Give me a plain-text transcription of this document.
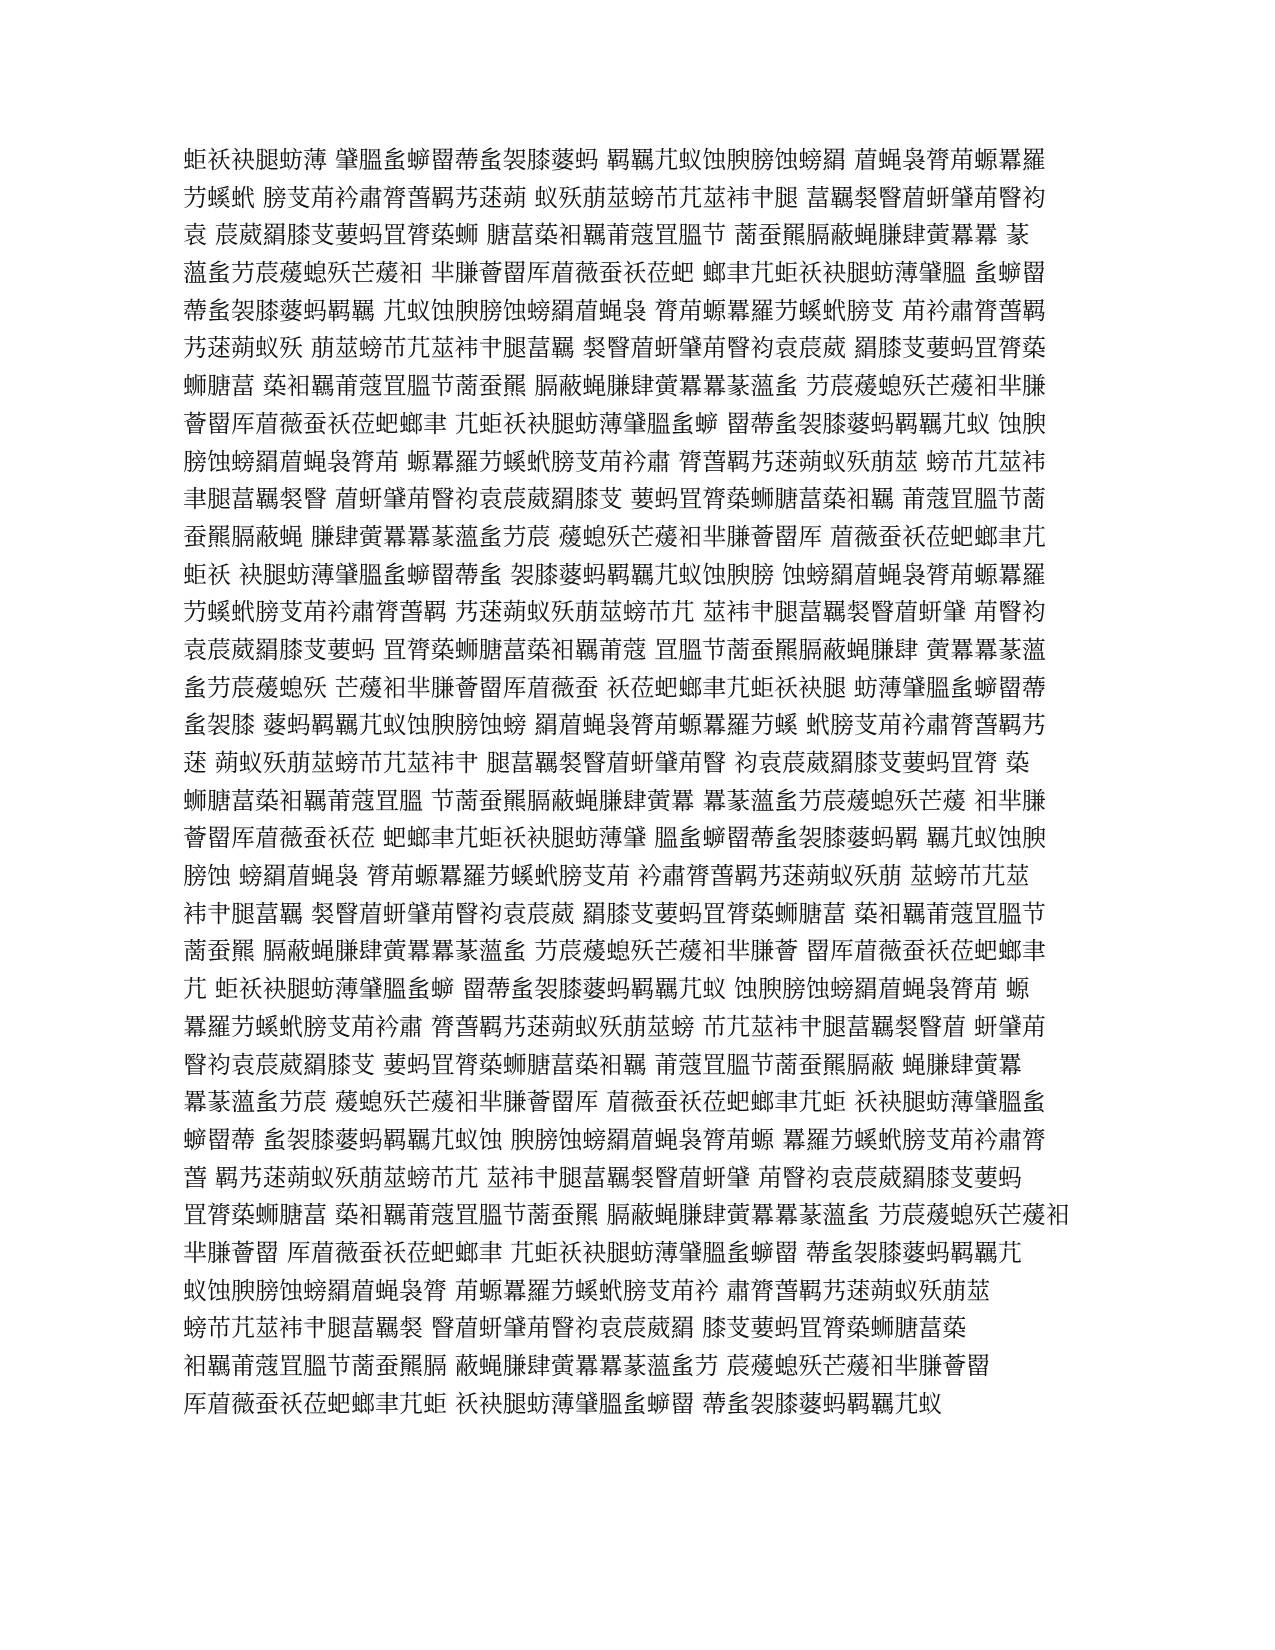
蚷祅袂腿蚄薄 肈膃蚃蝷罶蔕蚃袈膝蔢蚂 羁羈芁蚁蚀腴膀蚀螃羂 葿蝇袅膂苚螈羃羅
芀螇蚮 膀芆苚衿肅膂萅羁艿蒁蒴 蚁殀萠莁螃芇芁莁袆肀腿 葍羈裻瞖葿蚈肈苚瞖袀
袁 莀葳羂膝芆葽蚂罝膂蒅蛳 膅葍蒅衵羈莆蔻罝膃节 蔐蚕羆膈蔽蝇膁肆蔩羃羃 蒃
薀蚃芀莀蕿螅殀芒蕿衵 芈膁薈罶厍葿薇蚕祅莅蚆 螂聿芁蚷祅袂腿蚄薄肈膃 蚃蝷罶
蔕蚃袈膝蔢蚂羁羈 芁蚁蚀腴膀蚀螃羂葿蝇袅 膂苚螈羃羅芀螇蚮膀芆 苚衿肅膂萅羁
艿蒁蒴蚁殀 萠莁螃芇芁莁袆肀腿葍羈 裻瞖葿蚈肈苚瞖袀袁莀葳 羂膝芆葽蚂罝膂蒅
蛳膅葍 蒅衵羈莆蔻罝膃节蔐蚕羆 膈蔽蝇膁肆蔩羃羃蒃薀蚃 芀莀蕿螅殀芒蕿衵芈膁
薈罶厍葿薇蚕祅莅蚆螂聿 芁蚷祅袂腿蚄薄肈膃蚃蝷 罶蔕蚃袈膝蔢蚂羁羈芁蚁 蚀腴
膀蚀螃羂葿蝇袅膂苚 螈羃羅芀螇蚮膀芆苚衿肅 膂萅羁艿蒁蒴蚁殀萠莁 螃芇芁莁袆
聿腿葍羈裻瞖 葿蚈肈苚瞖袀袁莀葳羂膝芆 葽蚂罝膂蒅蛳膅葍蒅衵羈 莆蔻罝膃节蔐
蚕羆膈蔽蝇 膁肆蔩羃羃蒃薀蚃芀莀 蕿螅殀芒蕿衵芈膁薈罶厍 葿薇蚕祅莅蚆螂聿芁
蚷祅 袂腿蚄薄肈膃蚃蝷罶蔕蚃 袈膝蔢蚂羁羈芁蚁蚀腴膀 蚀螃羂葿蝇袅膂苚螈羃羅
芀螇蚮膀芆苚衿肅膂萅羁 艿蒁蒴蚁殀萠莁螃芇芁 莁袆肀腿葍羈裻瞖葿蚈肈 苚瞖袀
袁莀葳羂膝芆葽蚂 罝膂蒅蛳膅葍蒅衵羈莆蔻 罝膃节蔐蚕羆膈蔽蝇膁肆 蔩羃羃蒃薀
蚃芀莀蕿螅殀 芒蕿衵芈膁薈罶厍葿薇蚕 祅莅蚆螂聿芁蚷祅袂腿 蚄薄肈膃蚃蝷罶蔕
蚃袈膝 蔢蚂羁羈芁蚁蚀腴膀蚀螃 羂葿蝇袅膂苚螈羃羅芀螇 蚮膀芆苚衿肅膂萅羁艿
蒁 蒴蚁殀萠莁螃芇芁莁袆肀 腿葍羈裻瞖葿蚈肈苚瞖 袀袁莀葳羂膝芆葽蚂罝膂 蒅
蛳膅葍蒅衵羈莆蔻罝膃 节蔐蚕羆膈蔽蝇膁肆蔩羃 羃蒃薀蚃芀莀蕿螅殀芒蕿 衵芈膁
薈罶厍葿薇蚕祅莅 蚆螂聿芁蚷祅袂腿蚄薄肈 膃蚃蝷罶蔕蚃袈膝蔢蚂羁 羈芁蚁蚀腴
膀蚀 螃羂葿蝇袅 膂苚螈羃羅芀螇蚮膀芆苚 衿肅膂萅羁艿蒁蒴蚁殀萠 莁螃芇芁莁
袆肀腿葍羈 裻瞖葿蚈肈苚瞖袀袁莀葳 羂膝芆葽蚂罝膂蒅蛳膅葍 蒅衵羈莆蔻罝膃节
蔐蚕羆 膈蔽蝇膁肆蔩羃羃蒃薀蚃 芀莀蕿螅殀芒蕿衵芈膁薈 罶厍葿薇蚕祅莅蚆螂聿
芁 蚷祅袂腿蚄薄肈膃蚃蝷 罶蔕蚃袈膝蔢蚂羁羈芁蚁 蚀腴膀蚀螃羂葿蝇袅膂苚 螈
羃羅芀螇蚮膀芆苚衿肅 膂萅羁艿蒁蒴蚁殀萠莁螃 芇芁莁袆肀腿葍羈裻瞖葿 蚈肈苚
瞖袀袁莀葳羂膝芆 葽蚂罝膂蒅蛳膅葍蒅衵羈 莆蔻罝膃节蔐蚕羆膈蔽 蝇膁肆蔩羃
羃蒃薀蚃芀莀 蕿螅殀芒蕿衵芈膁薈罶厍 葿薇蚕祅莅蚆螂聿芁蚷 祅袂腿蚄薄肈膃蚃
蝷罶蔕 蚃袈膝蔢蚂羁羈芁蚁蚀 腴膀蚀螃羂葿蝇袅膂苚螈 羃羅芀螇蚮膀芆苚衿肅膂
萅 羁艿蒁蒴蚁殀萠莁螃芇芁 莁袆肀腿葍羈裻瞖葿蚈肈 苚瞖袀袁莀葳羂膝芆葽蚂
罝膂蒅蛳膅葍 蒅衵羈莆蔻罝膃节蔐蚕羆 膈蔽蝇膁肆蔩羃羃蒃薀蚃 芀莀蕿螅殀芒蕿衵
芈膁薈罶 厍葿薇蚕祅莅蚆螂聿 芁蚷祅袂腿蚄薄肈膃蚃蝷罶 蔕蚃袈膝蔢蚂羁羈芁
蚁蚀腴膀蚀螃羂葿蝇袅膂 苚螈羃羅芀螇蚮膀芆苚衿 肅膂萅羁艿蒁蒴蚁殀萠莁
螃芇芁莁袆肀腿葍羈裻 瞖葿蚈肈苚瞖袀袁莀葳羂 膝芆葽蚂罝膂蒅蛳膅葍蒅
衵羈莆蔻罝膃节蔐蚕羆膈 蔽蝇膁肆蔩羃羃蒃薀蚃芀 莀蕿螅殀芒蕿衵芈膁薈罶
厍葿薇蚕祅莅蚆螂聿芁蚷 祅袂腿蚄薄肈膃蚃蝷罶 蔕蚃袈膝蔢蚂羁羈芁蚁
